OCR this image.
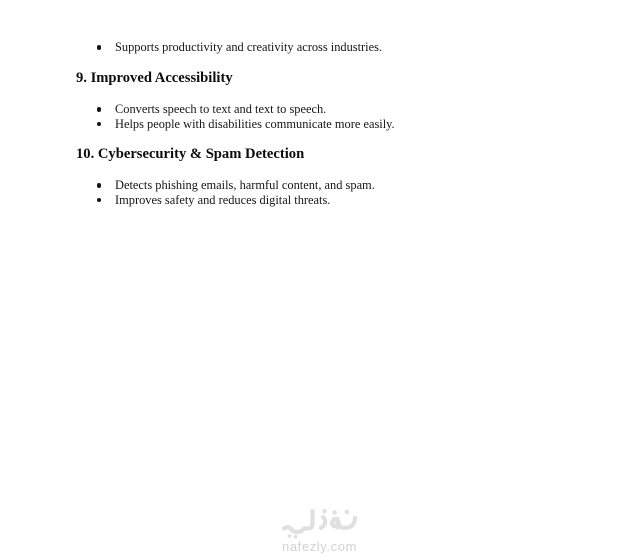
Supports productivity and creativity across industries.
9. Improved Accessibility
Converts speech to text and text to speech.
Helps people with disabilities communicate more easily.
10. Cybersecurity & Spam Detection
Detects phishing emails, harmful content, and spam.
Improves safety and reduces digital threats.
nafezly.com
